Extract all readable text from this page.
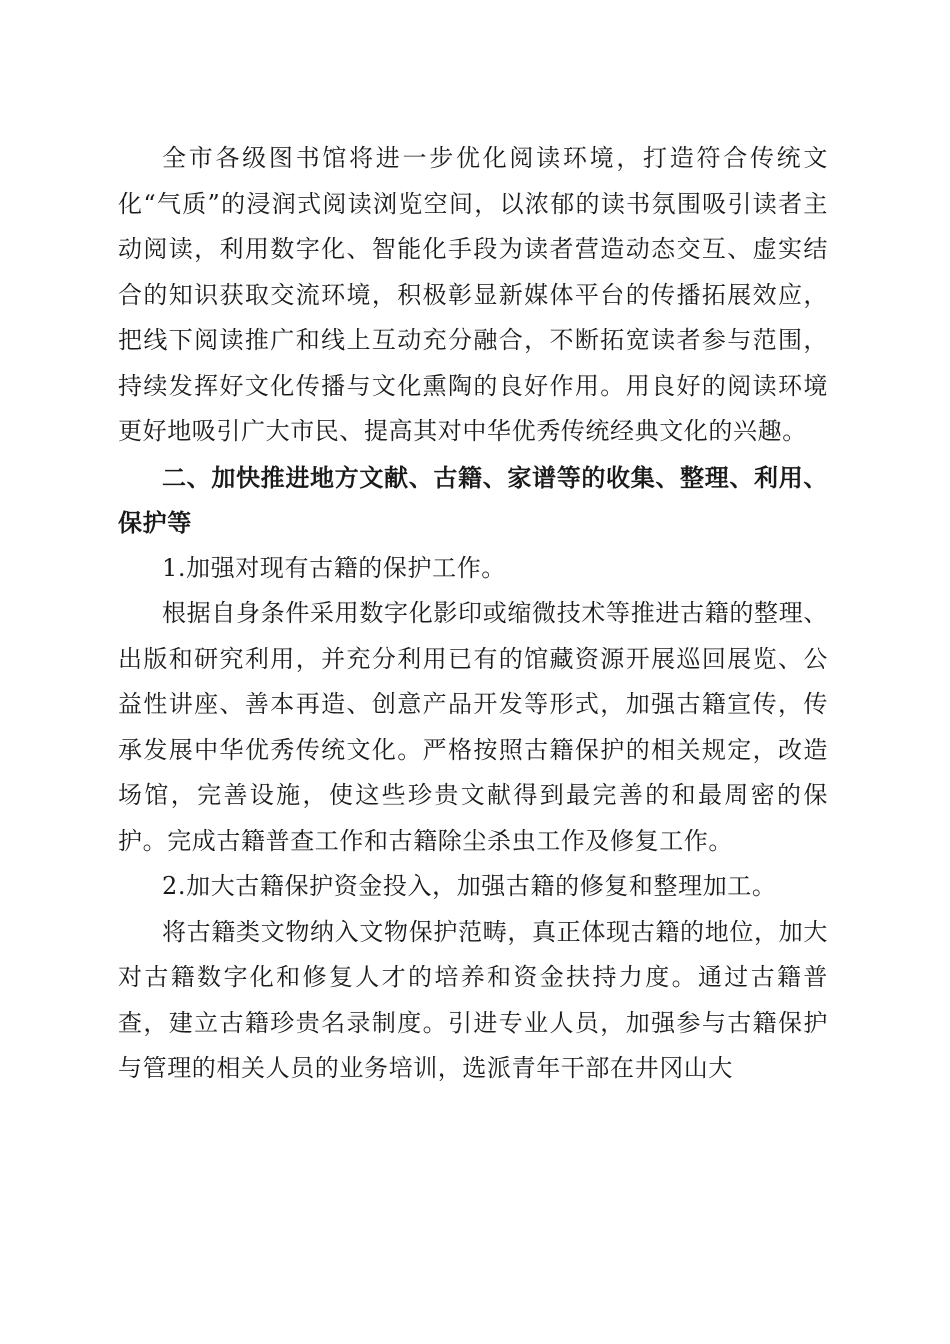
全市各级图书馆将进一步优化阅读环境，打造符合传统文化“气质”的浸润式阅读浏览空间，以浓郁的读书氛围吸引读者主动阅读，利用数字化、智能化手段为读者营造动态交互、虚实结合的知识获取交流环境，积极彰显新媒体平台的传播拓展效应，把线下阅读推广和线上互动充分融合，不断拓宽读者参与范围，持续发挥好文化传播与文化熏陶的良好作用。用良好的阅读环境更好地吸引广大市民、提高其对中华优秀传统经典文化的兴趣。

二、加快推进地方文献、古籍、家谱等的收集、整理、利用、保护等

1.加强对现有古籍的保护工作。

根据自身条件采用数字化影印或缩微技术等推进古籍的整理、出版和研究利用，并充分利用已有的馆藏资源开展巡回展览、公益性讲座、善本再造、创意产品开发等形式，加强古籍宣传，传承发展中华优秀传统文化。严格按照古籍保护的相关规定，改造场馆，完善设施，使这些珍贵文献得到最完善的和最周密的保护。完成古籍普查工作和古籍除尘杀虫工作及修复工作。

2.加大古籍保护资金投入，加强古籍的修复和整理加工。

将古籍类文物纳入文物保护范畴，真正体现古籍的地位，加大对古籍数字化和修复人才的培养和资金扶持力度。通过古籍普查，建立古籍珍贵名录制度。引进专业人员，加强参与古籍保护与管理的相关人员的业务培训，选派青年干部在井冈山大
